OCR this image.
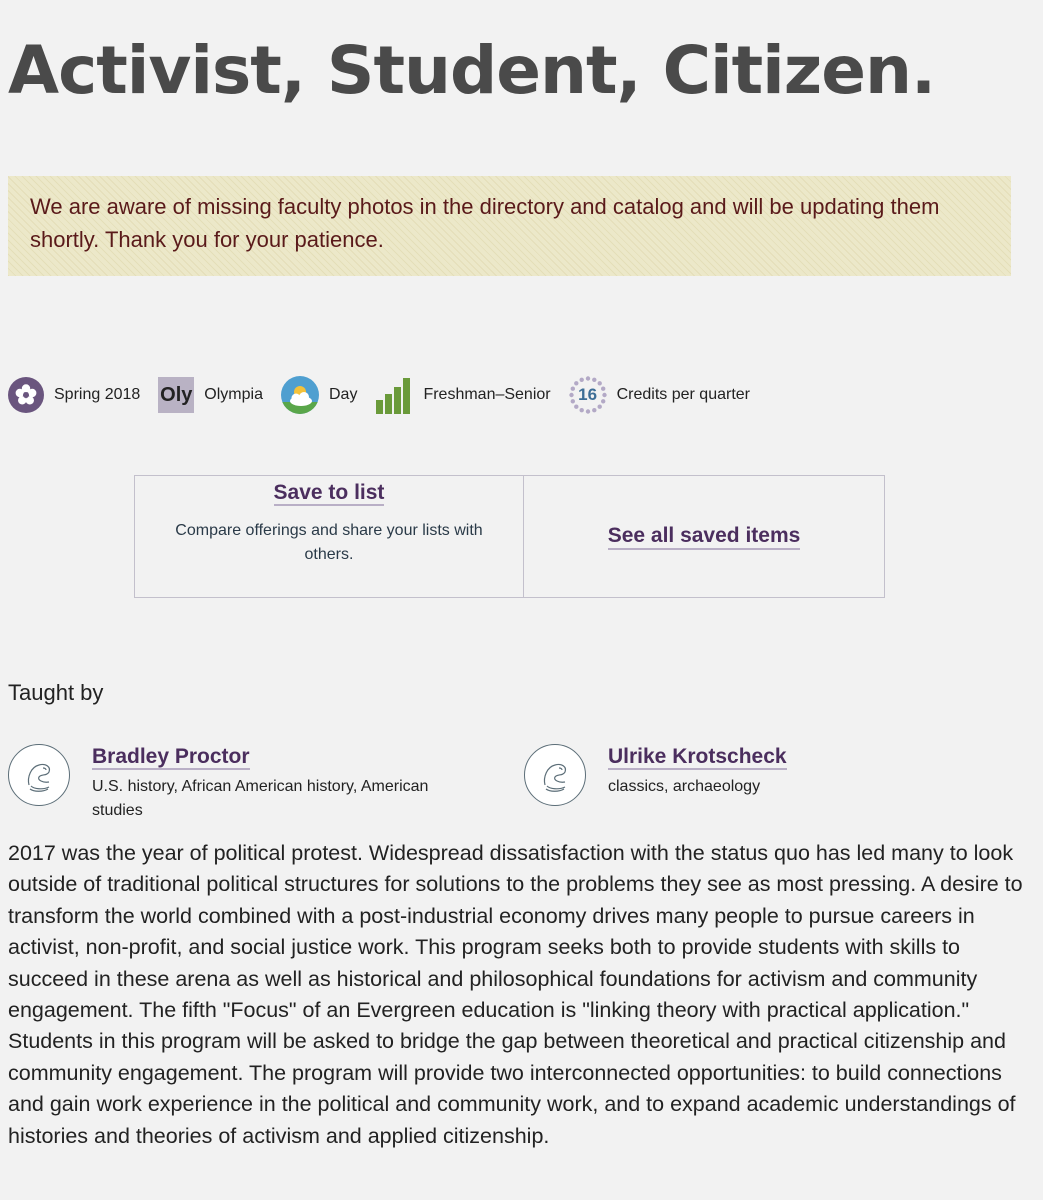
Activist, Student, Citizen.
We are aware of missing faculty photos in the directory and catalog and will be updating them shortly. Thank you for your patience.
Spring 2018 Oly Olympia	Day	Freshman–Senior 16 Credits per quarter
Save to list
Compare offerings and share your lists with others.
See all saved items
Taught by
Bradley Proctor
U.S. history, African American history, American studies
Ulrike Krotscheck
classics, archaeology

2017 was the year of political protest. Widespread dissatisfaction with the status quo has led many to look outside of traditional political structures for solutions to the problems they see as most pressing. A desire to transform the world combined with a post-industrial economy drives many people to pursue careers in activist, non-profit, and social justice work. This program seeks both to provide students with skills to succeed in these arena as well as historical and philosophical foundations for activism and community engagement. The fifth "Focus" of an Evergreen education is "linking theory with practical application." Students in this program will be asked to bridge the gap between theoretical and practical citizenship and community engagement. The program will provide two interconnected opportunities: to build connections and gain work experience in the political and community work, and to expand academic understandings of histories and theories of activism and applied citizenship.
